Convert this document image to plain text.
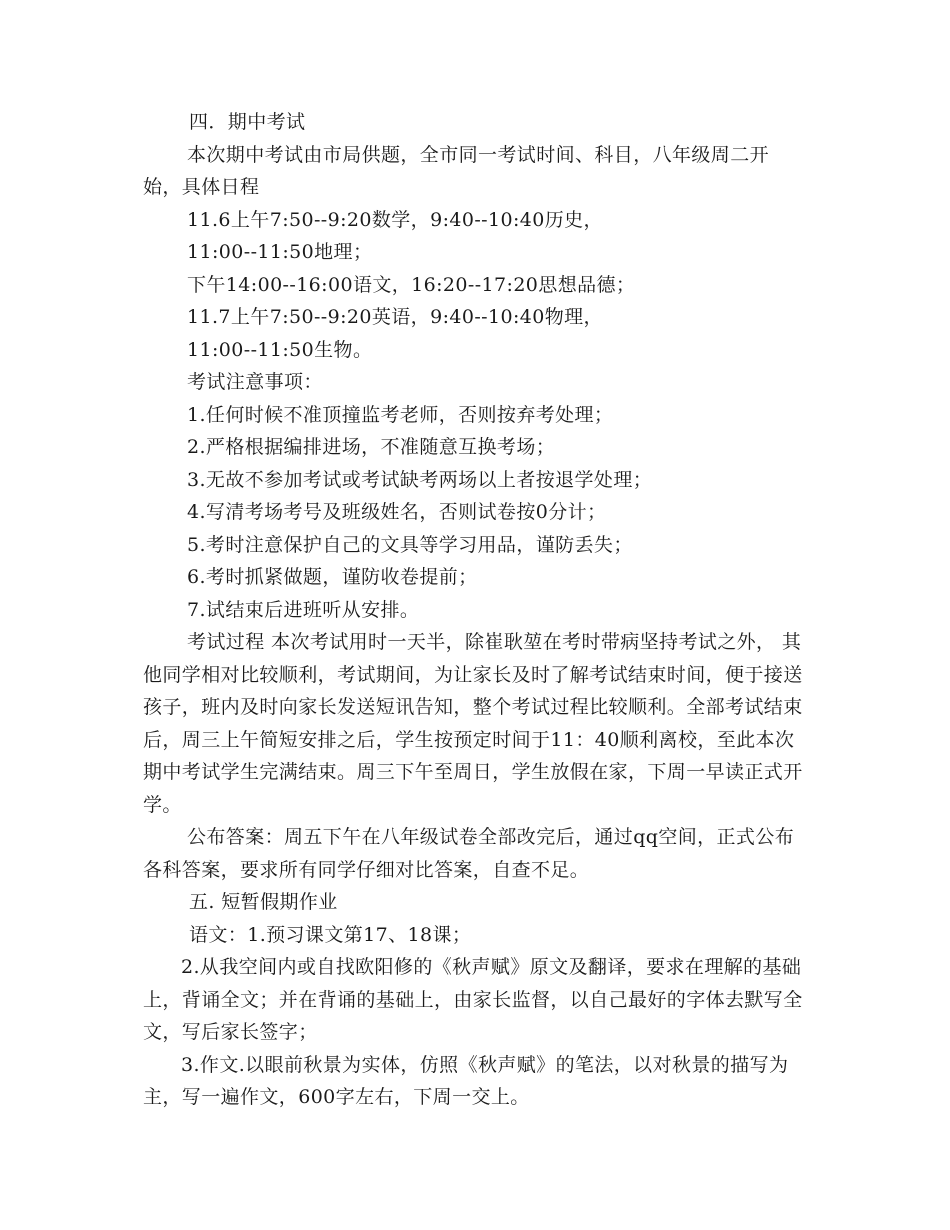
四．期中考试

本次期中考试由市局供题，全市同一考试时间、科目，八年级周二开始，具体日程

11.6上午7:50--9:20数学，9:40--10:40历史，

11:00--11:50地理；

下午14:00--16:00语文，16:20--17:20思想品德；

11.7上午7:50--9:20英语，9:40--10:40物理，

11:00--11:50生物。

考试注意事项：

1.任何时候不准顶撞监考老师，否则按弃考处理；

2.严格根据编排进场，不准随意互换考场；

3.无故不参加考试或考试缺考两场以上者按退学处理；

4.写清考场考号及班级姓名，否则试卷按0分计；

5.考时注意保护自己的文具等学习用品，谨防丢失；

6.考时抓紧做题，谨防收卷提前；

7.试结束后进班听从安排。

考试过程 本次考试用时一天半，除崔耿堃在考时带病坚持考试之外， 其他同学相对比较顺利，考试期间，为让家长及时了解考试结束时间，便于接送孩子，班内及时向家长发送短讯告知，整个考试过程比较顺利。全部考试结束后，周三上午简短安排之后，学生按预定时间于11：40顺利离校，至此本次期中考试学生完满结束。周三下午至周日，学生放假在家，下周一早读正式开学。

公布答案：周五下午在八年级试卷全部改完后，通过qq空间，正式公布各科答案，要求所有同学仔细对比答案，自查不足。

五. 短暂假期作业

语文：1.预习课文第17、18课；

2.从我空间内或自找欧阳修的《秋声赋》原文及翻译，要求在理解的基础上，背诵全文；并在背诵的基础上，由家长监督，以自己最好的字体去默写全文，写后家长签字；

3.作文.以眼前秋景为实体，仿照《秋声赋》的笔法，以对秋景的描写为主，写一遍作文，600字左右，下周一交上。
